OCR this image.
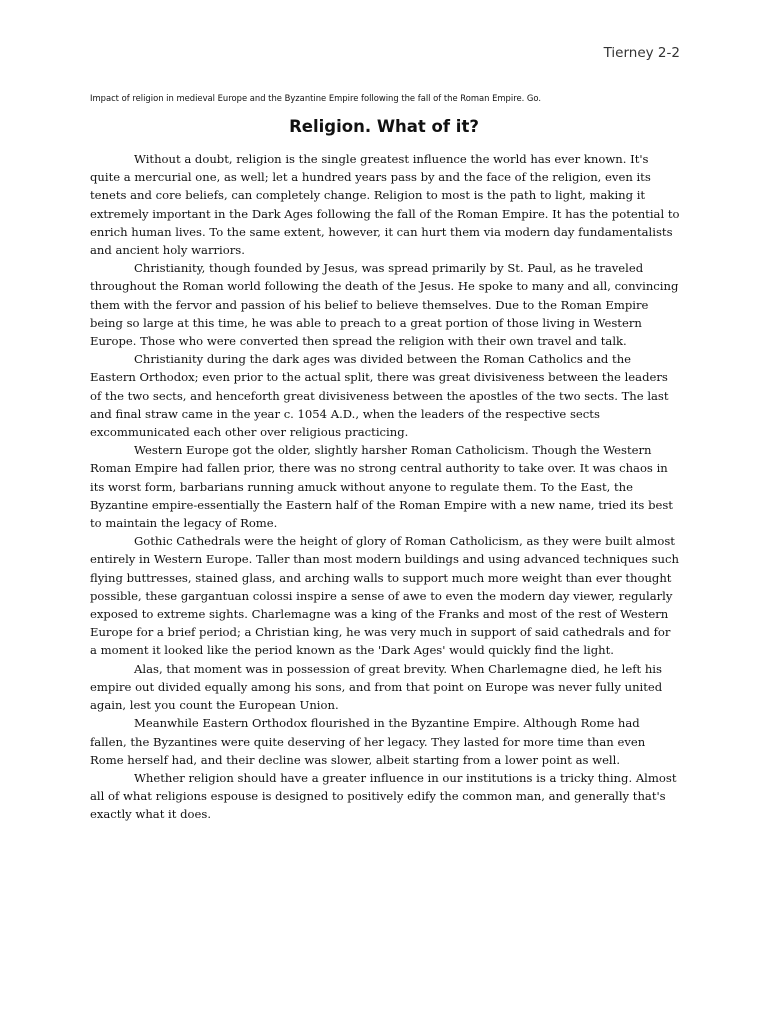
Tierney 2-2
Impact of religion in medieval Europe and the Byzantine Empire following the fall of the Roman Empire. Go.
Religion. What of it?

Without a doubt, religion is the single greatest influence the world has ever known. It's quite a mercurial one, as well; let a hundred years pass by and the face of the religion, even its tenets and core beliefs, can completely change. Religion to most is the path to light, making it extremely important in the Dark Ages following the fall of the Roman Empire. It has the potential to enrich human lives. To the same extent, however, it can hurt them via modern day fundamentalists and ancient holy warriors.

Christianity, though founded by Jesus, was spread primarily by St. Paul, as he traveled throughout the Roman world following the death of the Jesus. He spoke to many and all, convincing them with the fervor and passion of his belief to believe themselves. Due to the Roman Empire being so large at this time, he was able to preach to a great portion of those living in Western Europe. Those who were converted then spread the religion with their own travel and talk.

Christianity during the dark ages was divided between the Roman Catholics and the Eastern Orthodox; even prior to the actual split, there was great divisiveness between the leaders of the two sects, and henceforth great divisiveness between the apostles of the two sects. The last and final straw came in the year c. 1054 A.D., when the leaders of the respective sects excommunicated each other over religious practicing.

Western Europe got the older, slightly harsher Roman Catholicism. Though the Western Roman Empire had fallen prior, there was no strong central authority to take over. It was chaos in its worst form, barbarians running amuck without anyone to regulate them. To the East, the Byzantine empire-essentially the Eastern half of the Roman Empire with a new name, tried its best to maintain the legacy of Rome.

Gothic Cathedrals were the height of glory of Roman Catholicism, as they were built almost entirely in Western Europe. Taller than most modern buildings and using advanced techniques such flying buttresses, stained glass, and arching walls to support much more weight than ever thought possible, these gargantuan colossi inspire a sense of awe to even the modern day viewer, regularly exposed to extreme sights. Charlemagne was a king of the Franks and most of the rest of Western Europe for a brief period; a Christian king, he was very much in support of said cathedrals and for a moment it looked like the period known as the 'Dark Ages' would quickly find the light.

Alas, that moment was in possession of great brevity. When Charlemagne died, he left his empire out divided equally among his sons, and from that point on Europe was never fully united again, lest you count the European Union.

Meanwhile Eastern Orthodox flourished in the Byzantine Empire. Although Rome had fallen, the Byzantines were quite deserving of her legacy. They lasted for more time than even Rome herself had, and their decline was slower, albeit starting from a lower point as well.

Whether religion should have a greater influence in our institutions is a tricky thing. Almost all of what religions espouse is designed to positively edify the common man, and generally that's exactly what it does.
